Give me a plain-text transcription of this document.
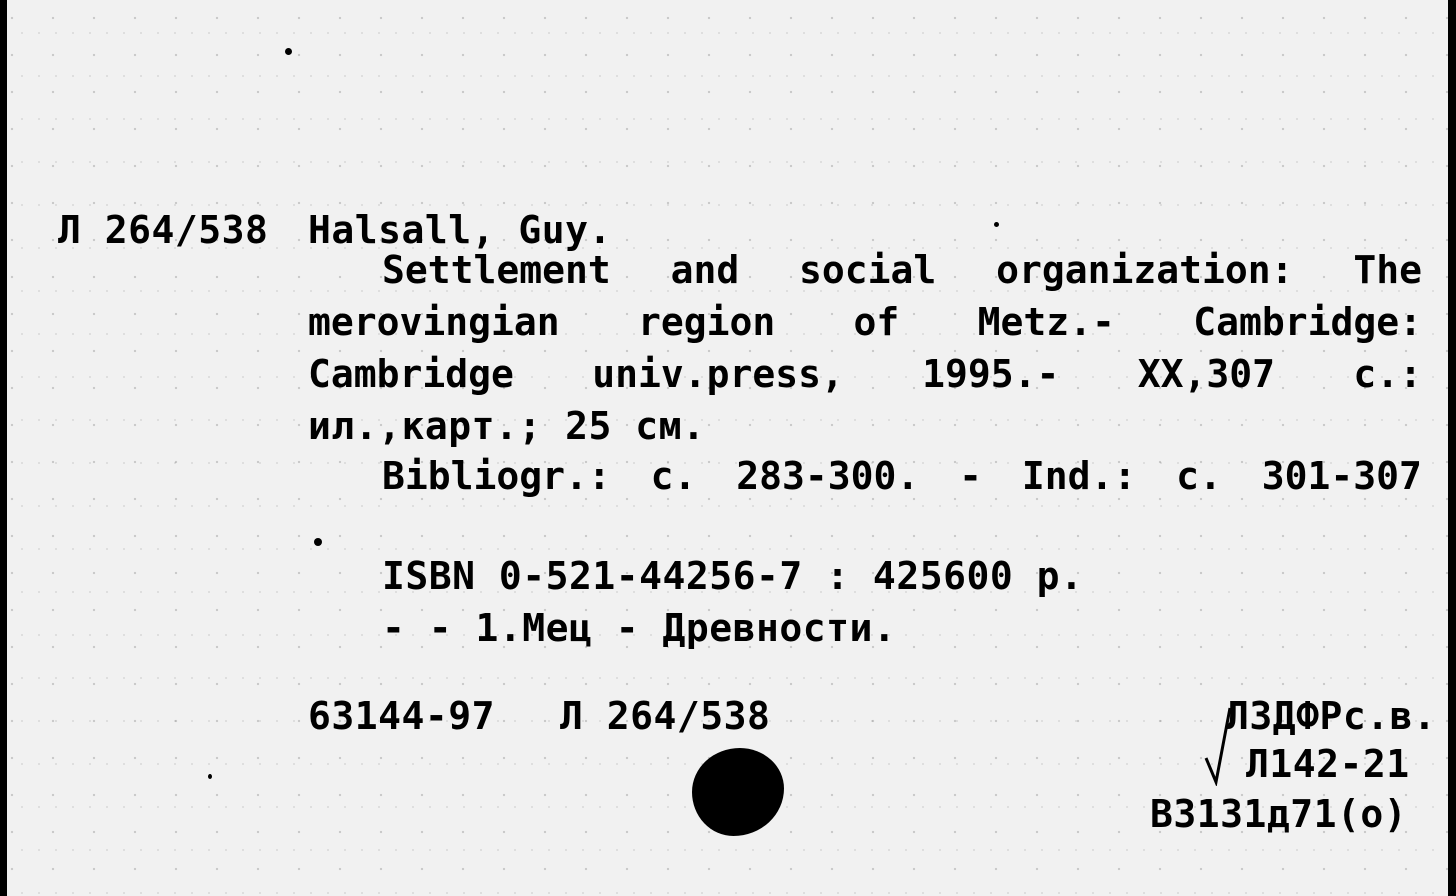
Л 264/538 Halsall, Guy.
Settlement and social organization: The
merovingian region of Metz.- Cambridge:
Cambridge univ.press, 1995.- XX,307 c.:
ил.,карт.; 25 см.
Bibliogr.: c. 283-300. - Ind.: c. 301-307
ISBN 0-521-44256-7 : 425600 p.
- - 1.Мец - Древности.
63144-97 Л 264/538	ЛЗДФРс.в.
Л142-21
В3131д71(о)
